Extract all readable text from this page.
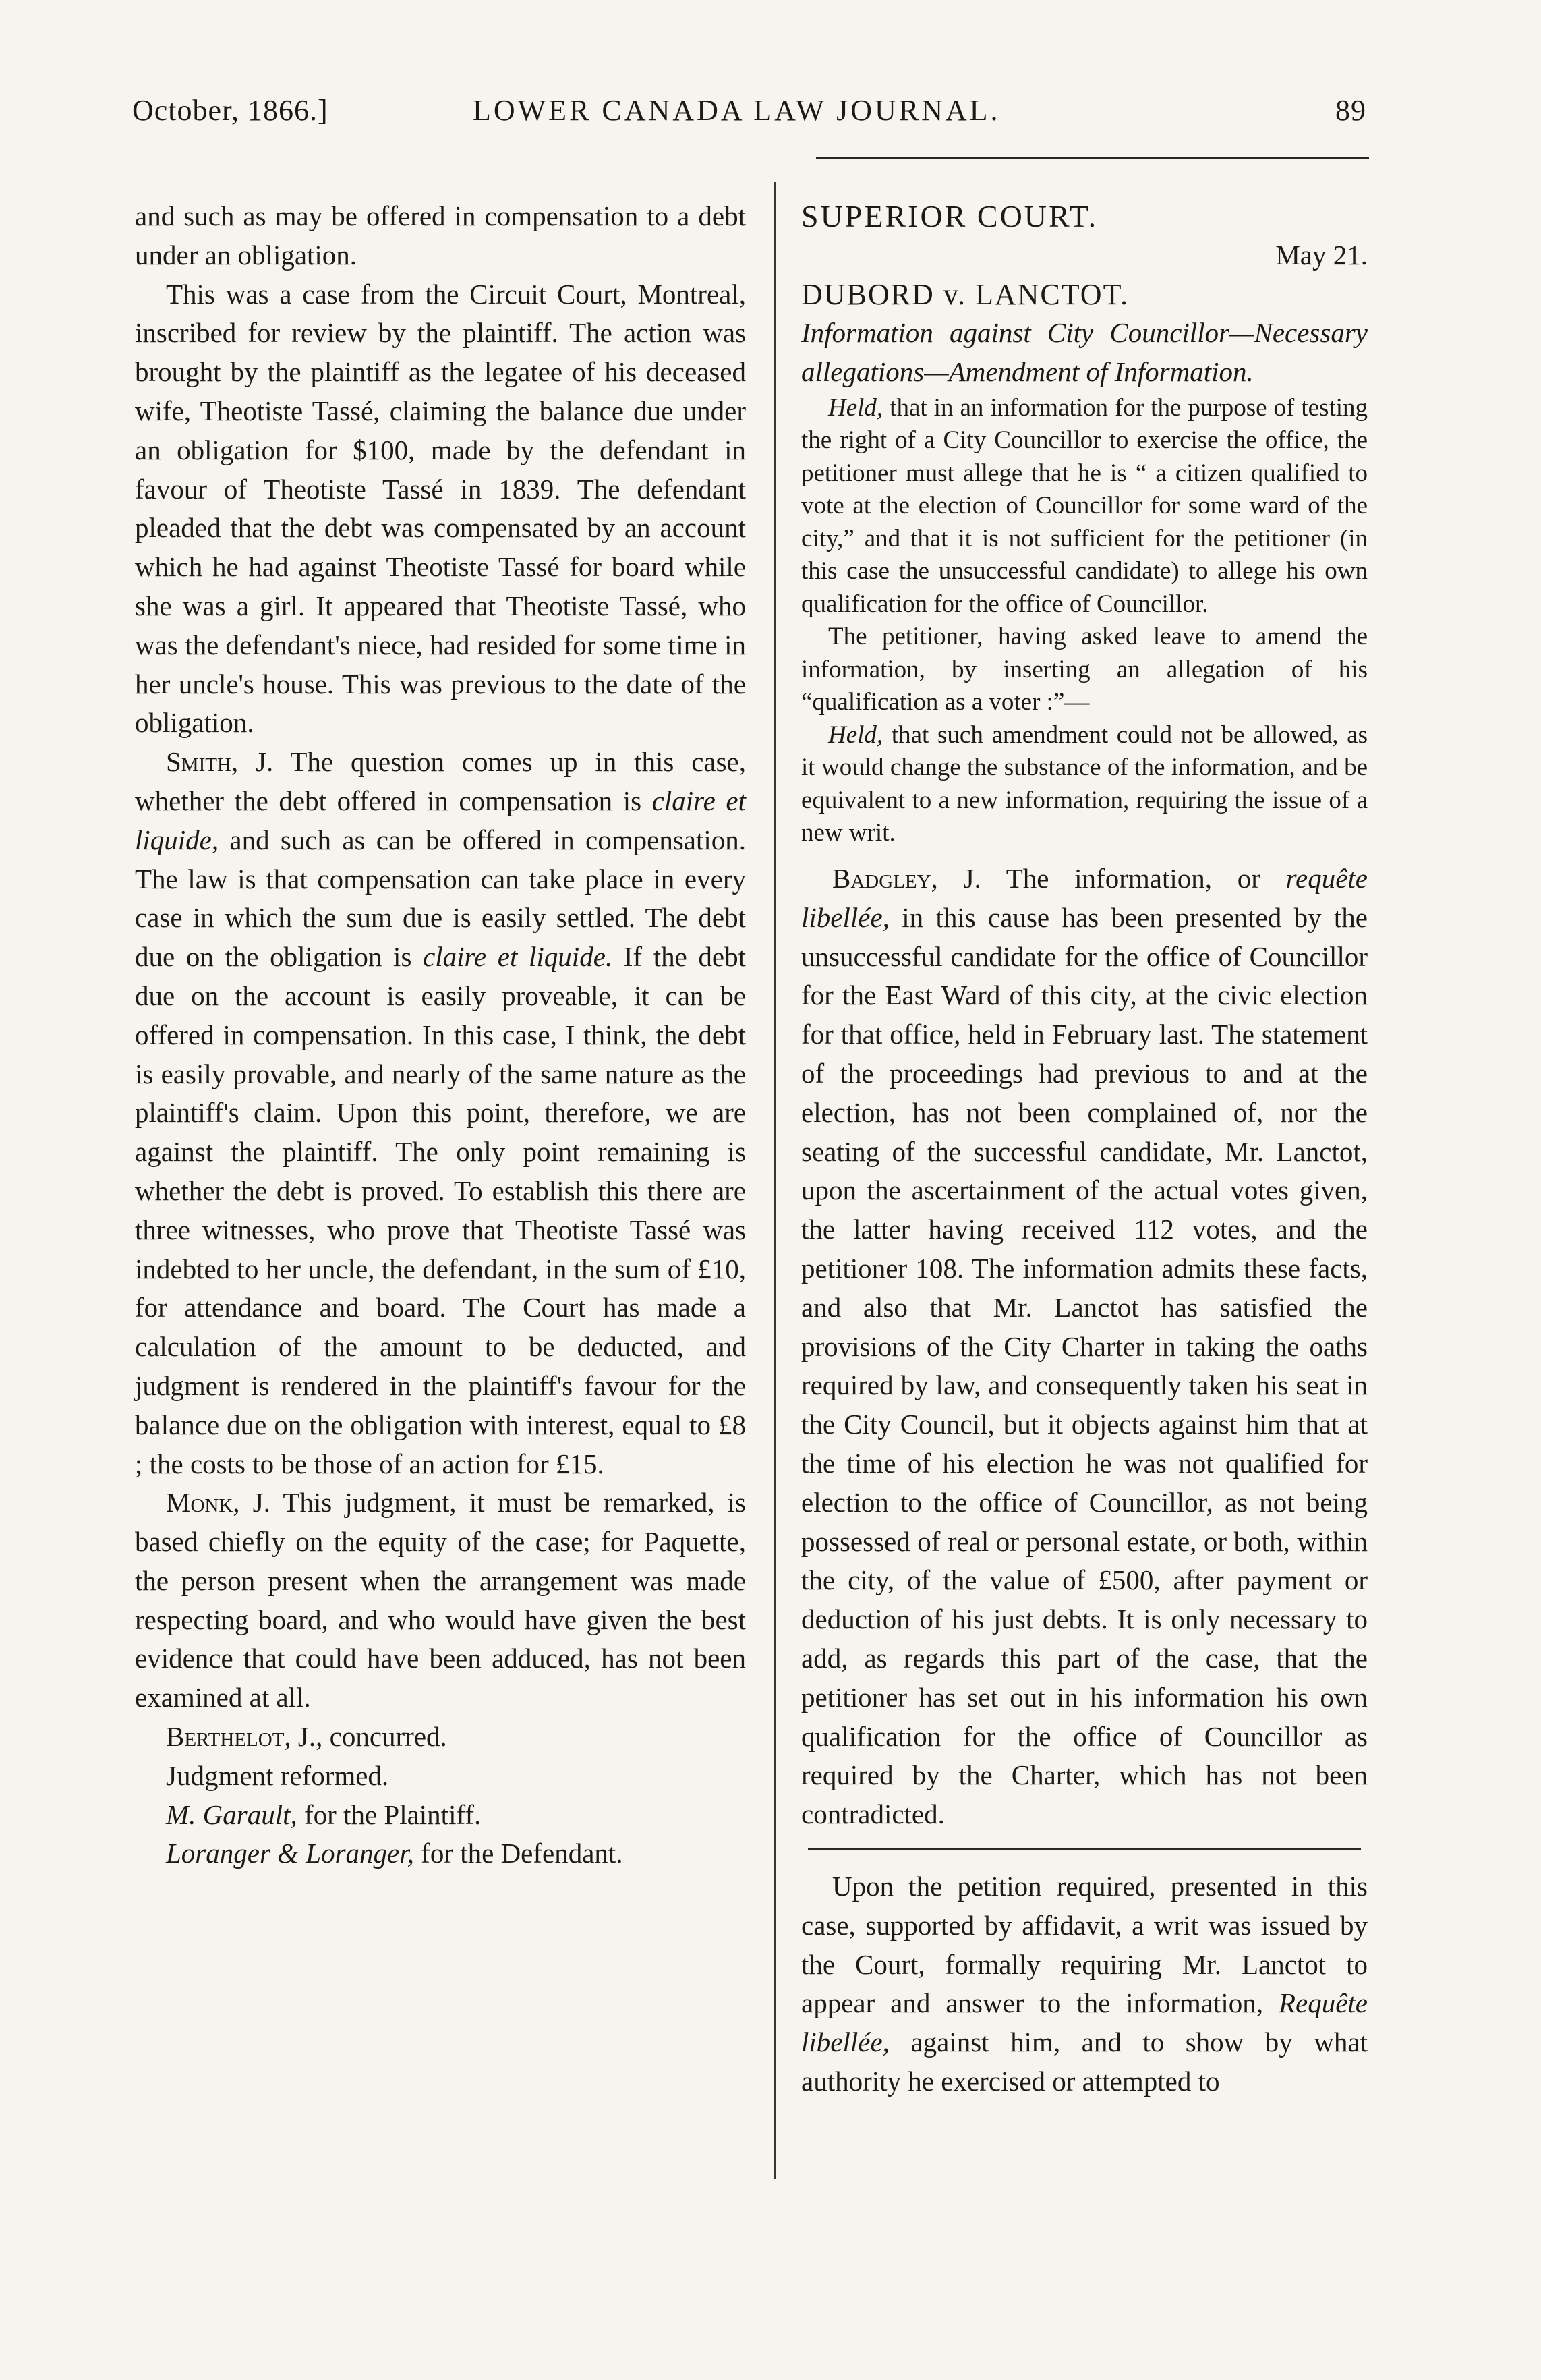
October, 1866.]	LOWER CANADA LAW JOURNAL.	89

and such as may be offered in compensation to a debt under an obligation.

This was a case from the Circuit Court, Montreal, inscribed for review by the plaintiff. The action was brought by the plaintiff as the legatee of his deceased wife, Theotiste Tassé, claiming the balance due under an obligation for $100, made by the defendant in favour of Theotiste Tassé in 1839. The defendant pleaded that the debt was compensated by an account which he had against Theotiste Tassé for board while she was a girl. It appeared that Theotiste Tassé, who was the defendant's niece, had resided for some time in her uncle's house. This was previous to the date of the obligation.

Smith, J. The question comes up in this case, whether the debt offered in compensation is claire et liquide, and such as can be offered in compensation. The law is that compensation can take place in every case in which the sum due is easily settled. The debt due on the obligation is claire et liquide. If the debt due on the account is easily proveable, it can be offered in compensation. In this case, I think, the debt is easily provable, and nearly of the same nature as the plaintiff's claim. Upon this point, therefore, we are against the plaintiff. The only point remaining is whether the debt is proved. To establish this there are three witnesses, who prove that Theotiste Tassé was indebted to her uncle, the defendant, in the sum of £10, for attendance and board. The Court has made a calculation of the amount to be deducted, and judgment is rendered in the plaintiff's favour for the balance due on the obligation with interest, equal to £8 ; the costs to be those of an action for £15.

Monk, J. This judgment, it must be remarked, is based chiefly on the equity of the case; for Paquette, the person present when the arrangement was made respecting board, and who would have given the best evidence that could have been adduced, has not been examined at all.

Berthelot, J., concurred.

Judgment reformed.

M. Garault, for the Plaintiff.

Loranger & Loranger, for the Defendant.

SUPERIOR COURT.

May 21.

DUBORD v. LANCTOT.

Information against City Councillor—Necessary allegations—Amendment of Information.

Held, that in an information for the purpose of testing the right of a City Councillor to exercise the office, the petitioner must allege that he is “ a citizen qualified to vote at the election of Councillor for some ward of the city,” and that it is not sufficient for the petitioner (in this case the unsuccessful candidate) to allege his own qualification for the office of Councillor.

The petitioner, having asked leave to amend the information, by inserting an allegation of his “qualification as a voter :”—

Held, that such amendment could not be allowed, as it would change the substance of the information, and be equivalent to a new information, requiring the issue of a new writ.

Badgley, J. The information, or requête libellée, in this cause has been presented by the unsuccessful candidate for the office of Councillor for the East Ward of this city, at the civic election for that office, held in February last. The statement of the proceedings had previous to and at the election, has not been complained of, nor the seating of the successful candidate, Mr. Lanctot, upon the ascertainment of the actual votes given, the latter having received 112 votes, and the petitioner 108. The information admits these facts, and also that Mr. Lanctot has satisfied the provisions of the City Charter in taking the oaths required by law, and consequently taken his seat in the City Council, but it objects against him that at the time of his election he was not qualified for election to the office of Councillor, as not being possessed of real or personal estate, or both, within the city, of the value of £500, after payment or deduction of his just debts. It is only necessary to add, as regards this part of the case, that the petitioner has set out in his information his own qualification for the office of Councillor as required by the Charter, which has not been contradicted.

Upon the petition required, presented in this case, supported by affidavit, a writ was issued by the Court, formally requiring Mr. Lanctot to appear and answer to the information, Requête libellée, against him, and to show by what authority he exercised or attempted to
